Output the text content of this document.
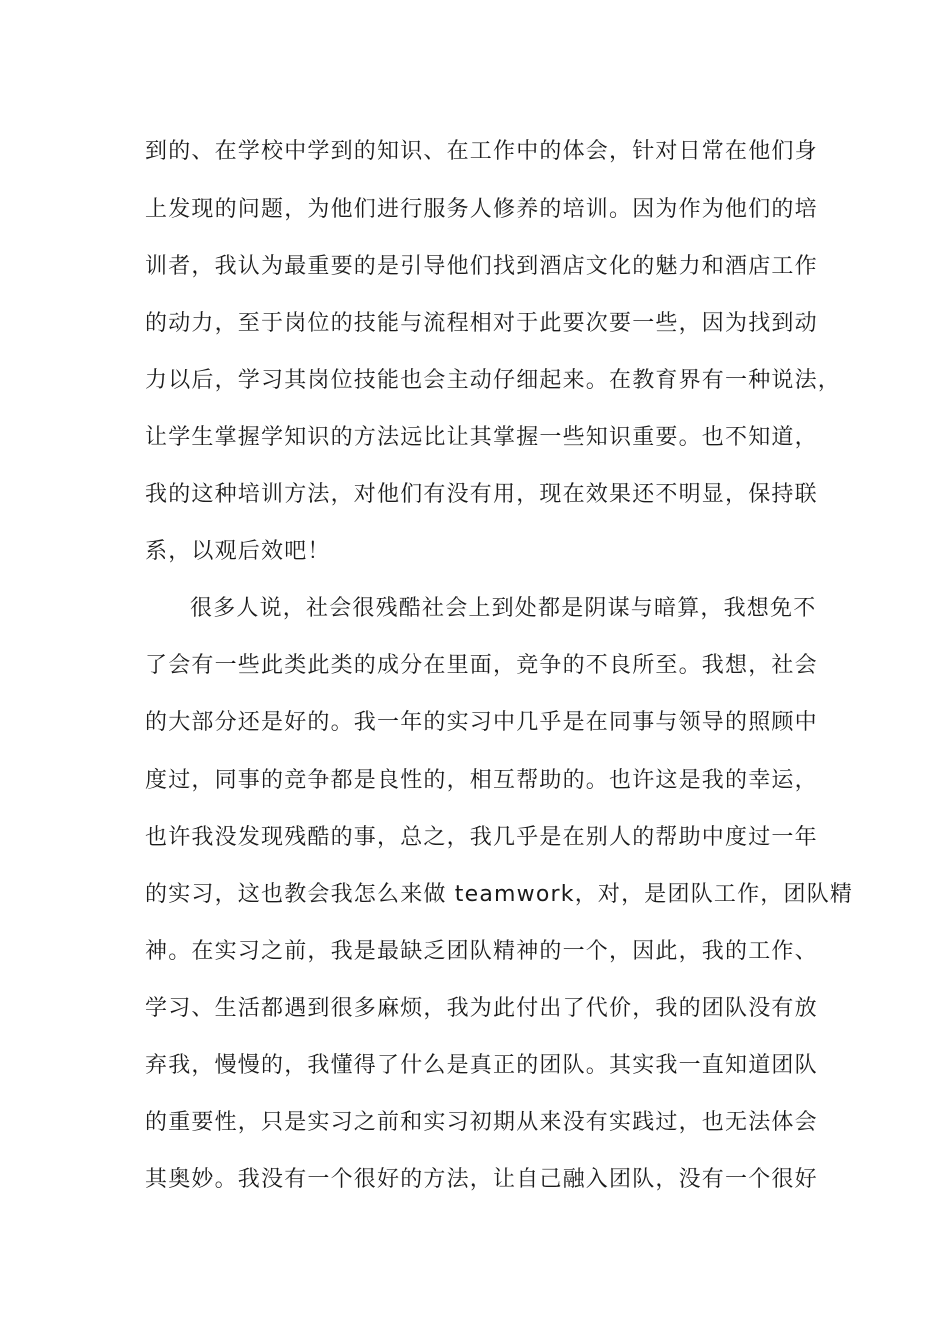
到的、在学校中学到的知识、在工作中的体会，针对日常在他们身

上发现的问题，为他们进行服务人修养的培训。因为作为他们的培

训者，我认为最重要的是引导他们找到酒店文化的魅力和酒店工作

的动力，至于岗位的技能与流程相对于此要次要一些，因为找到动

力以后，学习其岗位技能也会主动仔细起来。在教育界有一种说法，

让学生掌握学知识的方法远比让其掌握一些知识重要。也不知道，

我的这种培训方法，对他们有没有用，现在效果还不明显，保持联

系，以观后效吧！

很多人说，社会很残酷社会上到处都是阴谋与暗算，我想免不

了会有一些此类此类的成分在里面，竞争的不良所至。我想，社会

的大部分还是好的。我一年的实习中几乎是在同事与领导的照顾中

度过，同事的竞争都是良性的，相互帮助的。也许这是我的幸运，

也许我没发现残酷的事，总之，我几乎是在别人的帮助中度过一年

的实习，这也教会我怎么来做 teamwork，对，是团队工作，团队精

神。在实习之前，我是最缺乏团队精神的一个，因此，我的工作、

学习、生活都遇到很多麻烦，我为此付出了代价，我的团队没有放

弃我，慢慢的，我懂得了什么是真正的团队。其实我一直知道团队

的重要性，只是实习之前和实习初期从来没有实践过，也无法体会

其奥妙。我没有一个很好的方法，让自己融入团队，没有一个很好
